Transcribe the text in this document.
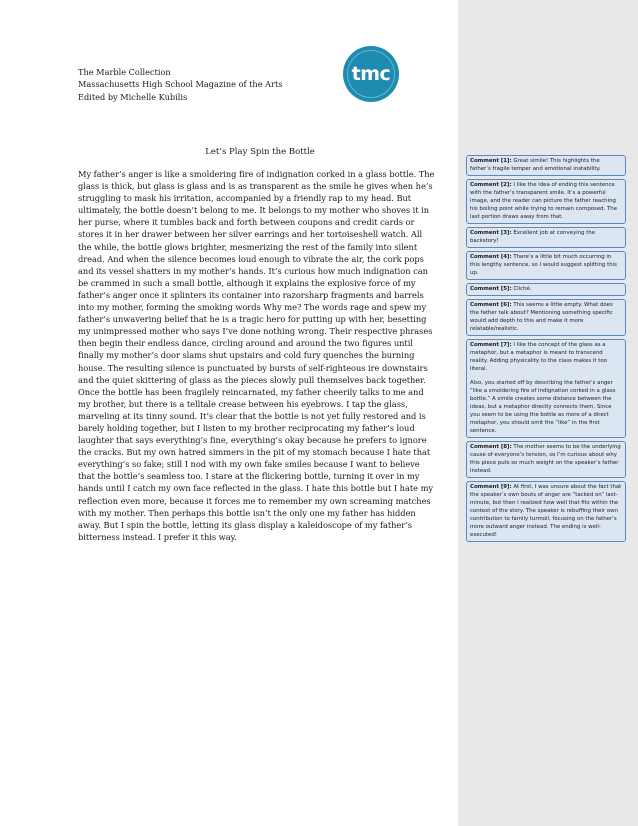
The Marble Collection
Massachusetts High School Magazine of the Arts
Edited by Michelle Kubilis
tmc
Let’s Play Spin the Bottle
My father’s anger is like a smoldering fire of indignation corked in a glass bottle. The
glass is thick, but glass is glass and is as transparent as the smile he gives when he’s
struggling to mask his irritation, accompanied by a friendly rap to my head. But
ultimately, the bottle doesn’t belong to me. It belongs to my mother who shoves it in
her purse, where it tumbles back and forth between coupons and credit cards or
stores it in her drawer between her silver earrings and her tortoiseshell watch. All
the while, the bottle glows brighter, mesmerizing the rest of the family into silent
dread. And when the silence becomes loud enough to vibrate the air, the cork pops
and its vessel shatters in my mother’s hands. It’s curious how much indignation can
be crammed in such a small bottle, although it explains the explosive force of my
father’s anger once it splinters its container into razorsharp fragments and barrels
into my mother, forming the smoking words Why me? The words rage and spew my
father’s unwavering belief that he is a tragic hero for putting up with her, besetting
my unimpressed mother who says I’ve done nothing wrong. Their respective phrases
then begin their endless dance, circling around and around the two figures until
finally my mother’s door slams shut upstairs and cold fury quenches the burning
house. The resulting silence is punctuated by bursts of self-righteous ire downstairs
and the quiet skittering of glass as the pieces slowly pull themselves back together.
Once the bottle has been fragilely reincarnated, my father cheerily talks to me and
my brother, but there is a telltale crease between his eyebrows. I tap the glass,
marveling at its tinny sound. It’s clear that the bottle is not yet fully restored and is
barely holding together, but I listen to my brother reciprocating my father’s loud
laughter that says everything’s fine, everything’s okay because he prefers to ignore
the cracks. But my own hatred simmers in the pit of my stomach because I hate that
everything’s so fake; still I nod with my own fake smiles because I want to believe
that the bottle’s seamless too. I stare at the flickering bottle, turning it over in my
hands until I catch my own face reflected in the glass. I hate this bottle but I hate my
reflection even more, because it forces me to remember my own screaming matches
with my mother. Then perhaps this bottle isn’t the only one my father has hidden
away. But I spin the bottle, letting its glass display a kaleidoscope of my father’s
bitterness instead. I prefer it this way.
Comment [1]: Great simile! This highlights the father’s fragile temper and emotional instability.
Comment [2]: I like the idea of ending this sentence with the father’s transparent smile. It’s a powerful image, and the reader can picture the father reaching his boiling point while trying to remain composed. The last portion draws away from that.
Comment [3]: Excellent job at conveying the backstory!
Comment [4]: There’s a little bit much occurring in this lengthy sentence, so I would suggest splitting this up.
Comment [5]: Cliché.
Comment [6]: This seems a little empty. What does the father talk about? Mentioning something specific would add depth to this and make it more relatable/realistic.
Comment [7]: I like the concept of the glass as a metaphor, but a metaphor is meant to transcend reality. Adding physicality to the class makes it too literal.
Also, you started off by describing the father’s anger “like a smoldering fire of indignation corked in a glass bottle.” A simile creates some distance between the ideas, but a metaphor directly connects them. Since you seem to be using the bottle as more of a direct metaphor, you should omit the “like” in the first sentence.
Comment [8]: The mother seems to be the underlying cause of everyone’s tension, so I’m curious about why this piece puts so much weight on the speaker’s father instead.
Comment [9]: At first, I was unsure about the fact that the speaker’s own bouts of anger are “tacked on” last-minute, but then I realized how well that fits within the context of the story. The speaker is rebuffing their own contribution to family turmoil, focusing on the father’s more outward anger instead. The ending is well-executed!
